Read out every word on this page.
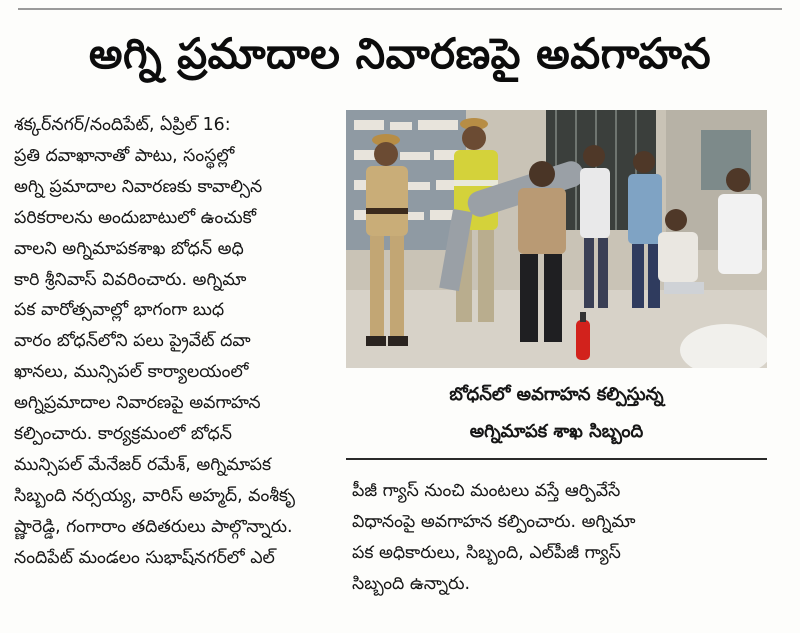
అగ్ని ప్రమాదాల నివారణపై అవగాహన

శక్కర్‌నగర్/నందిపేట్, ఏప్రిల్ 16:

ప్రతి దవాఖానాతో పాటు, సంస్థల్లో

అగ్ని ప్రమాదాల నివారణకు కావాల్సిన

పరికరాలను అందుబాటులో ఉంచుకో

వాలని అగ్నిమాపకశాఖ బోధన్ అధి

కారి శ్రీనివాస్ వివరించారు. అగ్నిమా

పక వారోత్సవాల్లో భాగంగా బుధ

వారం బోధన్‌లోని పలు ప్రైవేట్ దవా

ఖానలు, మున్సిపల్ కార్యాలయంలో

అగ్నిప్రమాదాల నివారణపై అవగాహన

కల్పించారు. కార్యక్రమంలో బోధన్

మున్సిపల్ మేనేజర్ రమేశ్, అగ్నిమాపక

సిబ్బంది నర్సయ్య, వారిస్ అహ్మద్, వంశీకృ

ష్ణారెడ్డి, గంగారాం తదితరులు పాల్గొన్నారు.

నందిపేట్ మండలం సుభాష్‌నగర్‌లో ఎల్

బోధన్‌లో అవగాహన కల్పిస్తున్న

అగ్నిమాపక శాఖ సిబ్బంది

పీజీ గ్యాస్ నుంచి మంటలు వస్తే ఆర్పివేసే

విధానంపై అవగాహన కల్పించారు. అగ్నిమా

పక అధికారులు, సిబ్బంది, ఎల్‌పీజీ గ్యాస్

సిబ్బంది ఉన్నారు.
